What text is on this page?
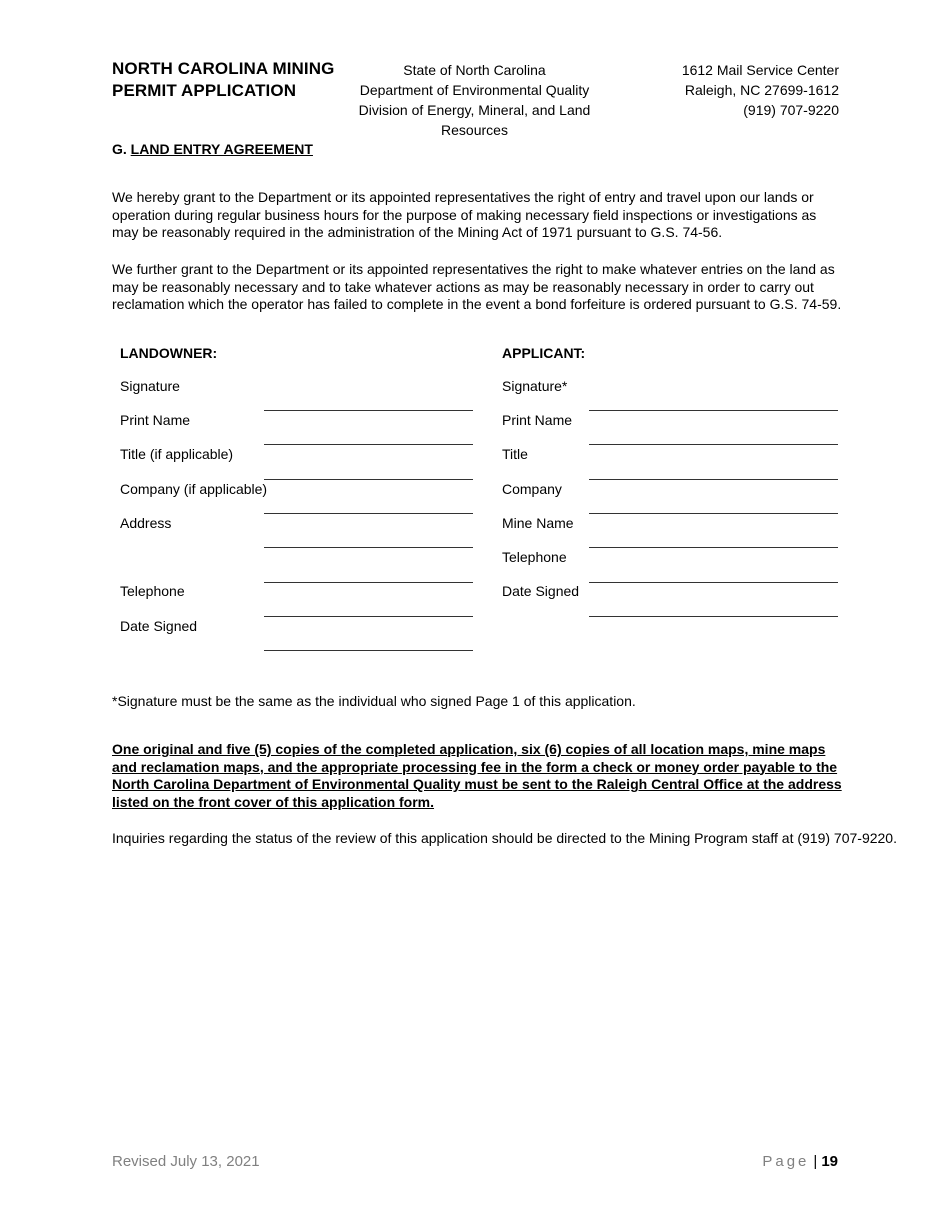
NORTH CAROLINA MINING
PERMIT APPLICATION
State of North Carolina
Department of Environmental Quality
Division of Energy, Mineral, and Land Resources
1612 Mail Service Center
Raleigh, NC 27699-1612
(919) 707-9220
G. LAND ENTRY AGREEMENT
We hereby grant to the Department or its appointed representatives the right of entry and travel upon our lands or operation during regular business hours for the purpose of making necessary field inspections or investigations as may be reasonably required in the administration of the Mining Act of 1971 pursuant to G.S. 74-56.
We further grant to the Department or its appointed representatives the right to make whatever entries on the land as may be reasonably necessary and to take whatever actions as may be reasonably necessary in order to carry out reclamation which the operator has failed to complete in the event a bond forfeiture is ordered pursuant to G.S. 74-59.
LANDOWNER:
Signature
Print Name
Title (if applicable)
Company (if applicable)
Address
Telephone
Date Signed
APPLICANT:
Signature*
Print Name
Title
Company
Mine Name
Telephone
Date Signed
*Signature must be the same as the individual who signed Page 1 of this application.
One original and five (5) copies of the completed application, six (6) copies of all location maps, mine maps and reclamation maps, and the appropriate processing fee in the form a check or money order payable to the North Carolina Department of Environmental Quality must be sent to the Raleigh Central Office at the address listed on the front cover of this application form.
Inquiries regarding the status of the review of this application should be directed to the Mining Program staff at (919) 707-9220.
Revised July 13, 2021	Page | 19
